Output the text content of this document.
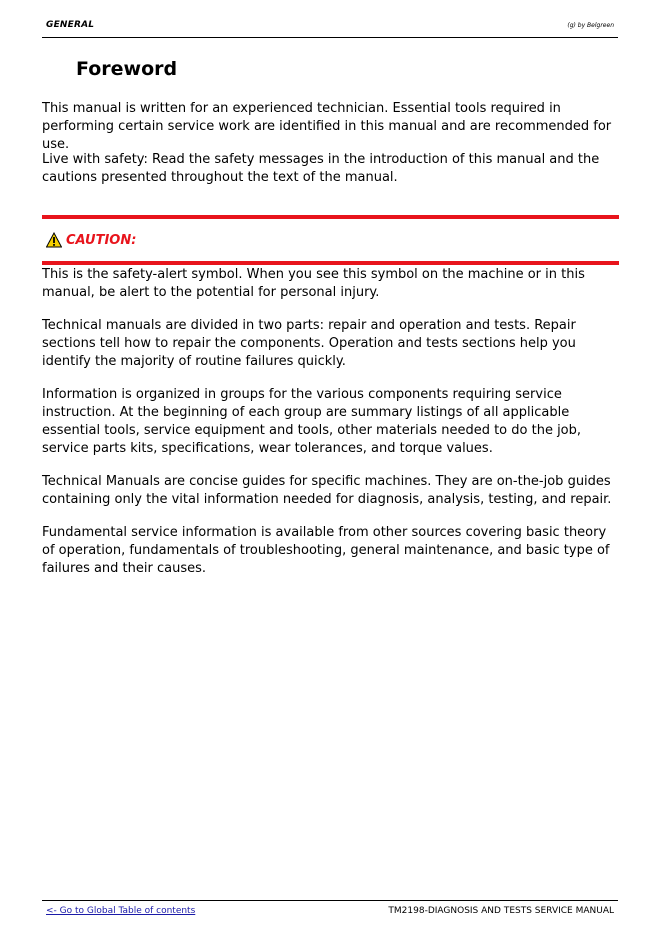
GENERAL	(g) by Belgreen
Foreword

This manual is written for an experienced technician. Essential tools required in performing certain service work are identified in this manual and are recommended for use.

Live with safety: Read the safety messages in the introduction of this manual and the cautions presented throughout the text of the manual.

CAUTION:

This is the safety-alert symbol. When you see this symbol on the machine or in this manual, be alert to the potential for personal injury.

Technical manuals are divided in two parts: repair and operation and tests. Repair sections tell how to repair the components. Operation and tests sections help you identify the majority of routine failures quickly.

Information is organized in groups for the various components requiring service instruction. At the beginning of each group are summary listings of all applicable essential tools, service equipment and tools, other materials needed to do the job, service parts kits, specifications, wear tolerances, and torque values.

Technical Manuals are concise guides for specific machines. They are on-the-job guides containing only the vital information needed for diagnosis, analysis, testing, and repair.

Fundamental service information is available from other sources covering basic theory of operation, fundamentals of troubleshooting, general maintenance, and basic type of failures and their causes.

<- Go to Global Table of contents	TM2198-DIAGNOSIS AND TESTS SERVICE MANUAL
